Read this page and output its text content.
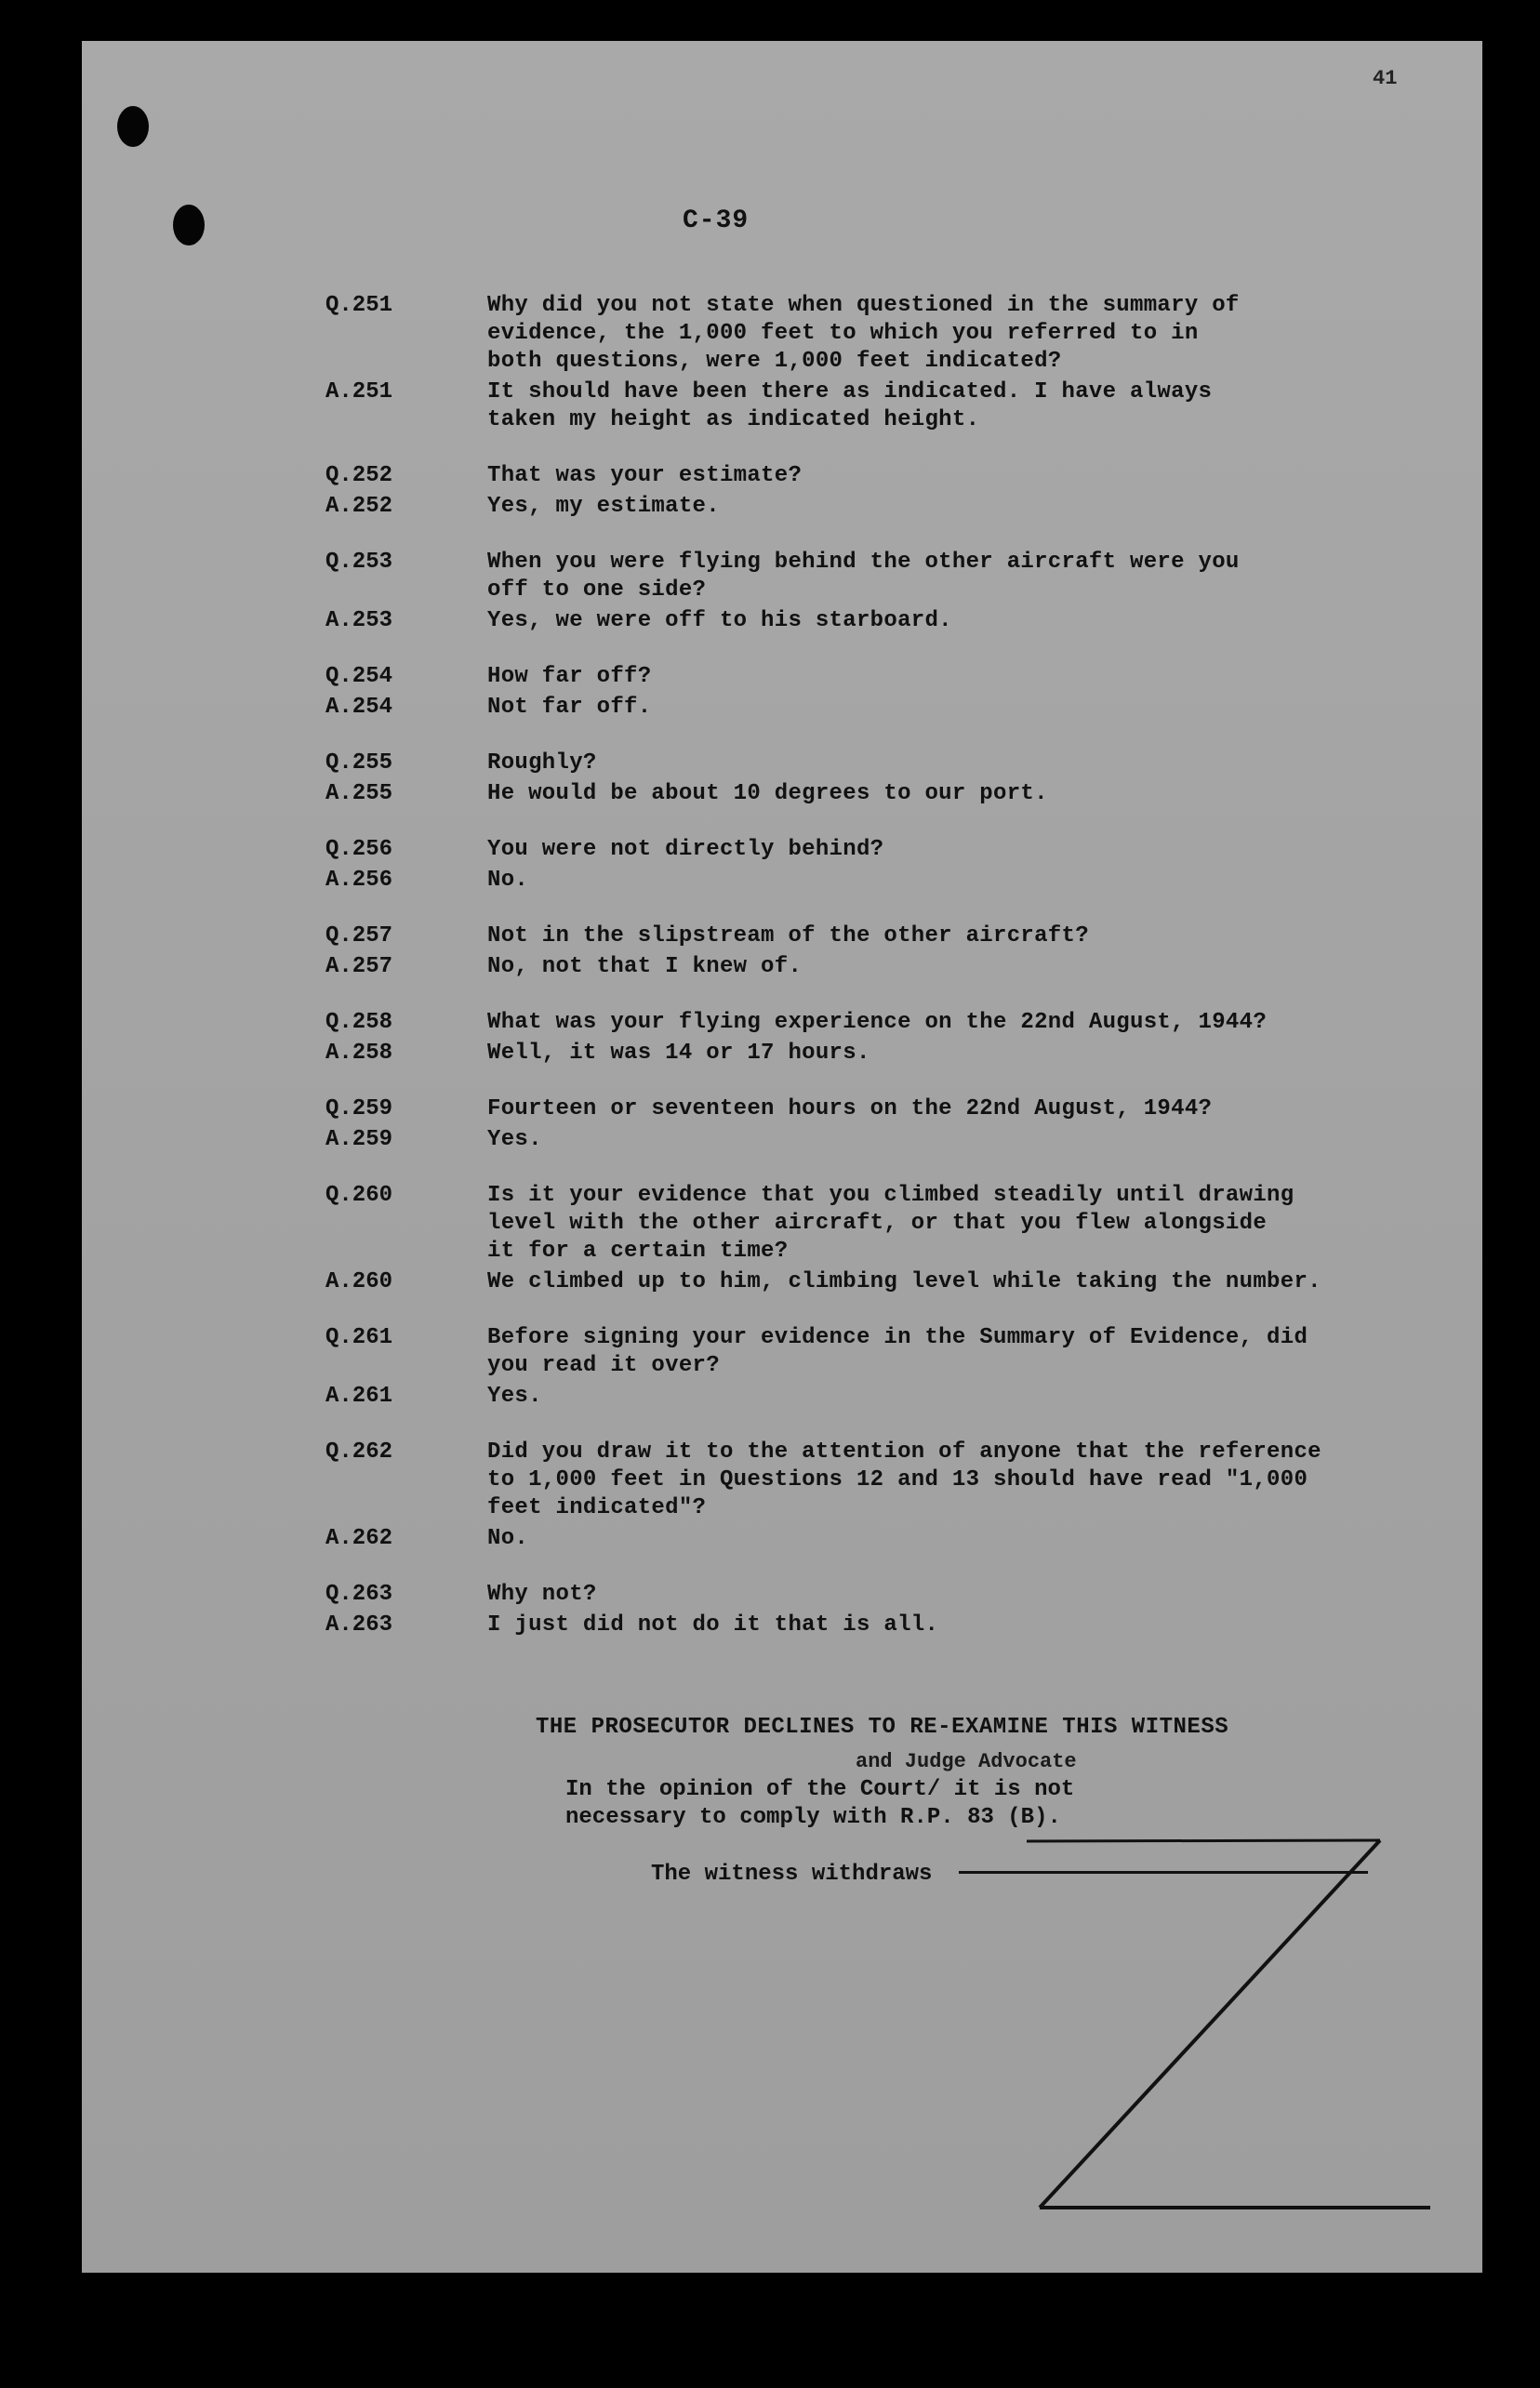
41
C-39
Q.251	Why did you not state when questioned in the summary of
evidence, the 1,000 feet to which you referred to in
both questions, were 1,000 feet indicated?
A.251	It should have been there as indicated. I have always
taken my height as indicated height.
Q.252	That was your estimate?
A.252	Yes, my estimate.
Q.253	When you were flying behind the other aircraft were you
off to one side?
A.253	Yes, we were off to his starboard.
Q.254	How far off?
A.254	Not far off.
Q.255	Roughly?
A.255	He would be about 10 degrees to our port.
Q.256	You were not directly behind?
A.256	No.
Q.257	Not in the slipstream of the other aircraft?
A.257	No, not that I knew of.
Q.258	What was your flying experience on the 22nd August, 1944?
A.258	Well, it was 14 or 17 hours.
Q.259	Fourteen or seventeen hours on the 22nd August, 1944?
A.259	Yes.
Q.260	Is it your evidence that you climbed steadily until drawing
level with the other aircraft, or that you flew alongside
it for a certain time?
A.260	We climbed up to him, climbing level while taking the number.
Q.261	Before signing your evidence in the Summary of Evidence, did
you read it over?
A.261	Yes.
Q.262	Did you draw it to the attention of anyone that the reference
to 1,000 feet in Questions 12 and 13 should have read "1,000
feet indicated"?
A.262	No.
Q.263	Why not?
A.263	I just did not do it that is all.
THE PROSECUTOR DECLINES TO RE-EXAMINE THIS WITNESS
and Judge Advocate
In the opinion of the Court/ it is not
necessary to comply with R.P. 83 (B).
The witness withdraws
